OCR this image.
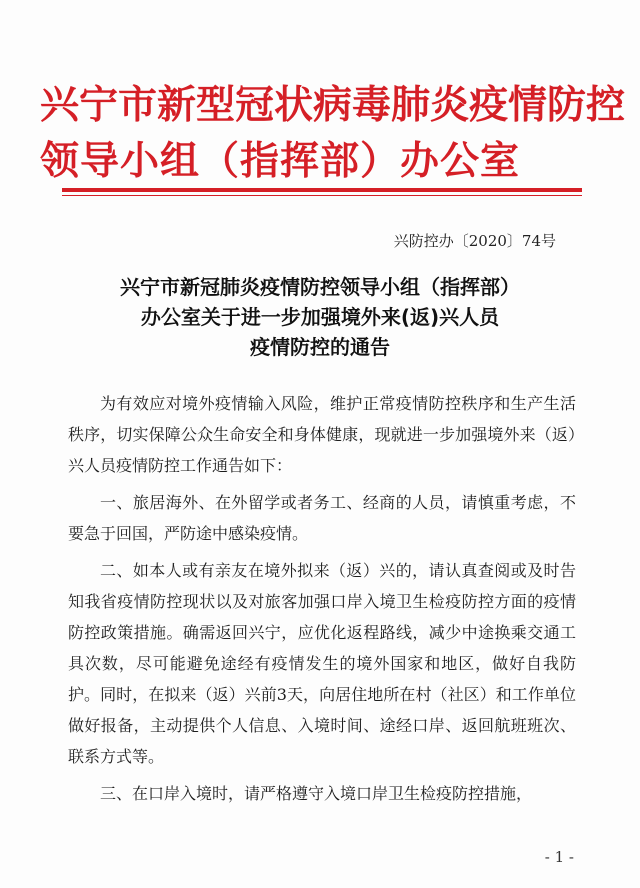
兴宁市新型冠状病毒肺炎疫情防控
领导小组（指挥部）办公室
兴防控办〔2020〕74号
兴宁市新冠肺炎疫情防控领导小组（指挥部）
办公室关于进一步加强境外来(返)兴人员
疫情防控的通告

为有效应对境外疫情输入风险，维护正常疫情防控秩序和生产生活秩序，切实保障公众生命安全和身体健康，现就进一步加强境外来（返）兴人员疫情防控工作通告如下：

一、旅居海外、在外留学或者务工、经商的人员，请慎重考虑，不要急于回国，严防途中感染疫情。

二、如本人或有亲友在境外拟来（返）兴的，请认真查阅或及时告知我省疫情防控现状以及对旅客加强口岸入境卫生检疫防控方面的疫情防控政策措施。确需返回兴宁，应优化返程路线，减少中途换乘交通工具次数，尽可能避免途经有疫情发生的境外国家和地区，做好自我防护。同时，在拟来（返）兴前3天，向居住地所在村（社区）和工作单位做好报备，主动提供个人信息、入境时间、途经口岸、返回航班班次、联系方式等。

三、在口岸入境时，请严格遵守入境口岸卫生检疫防控措施，

- 1 -
